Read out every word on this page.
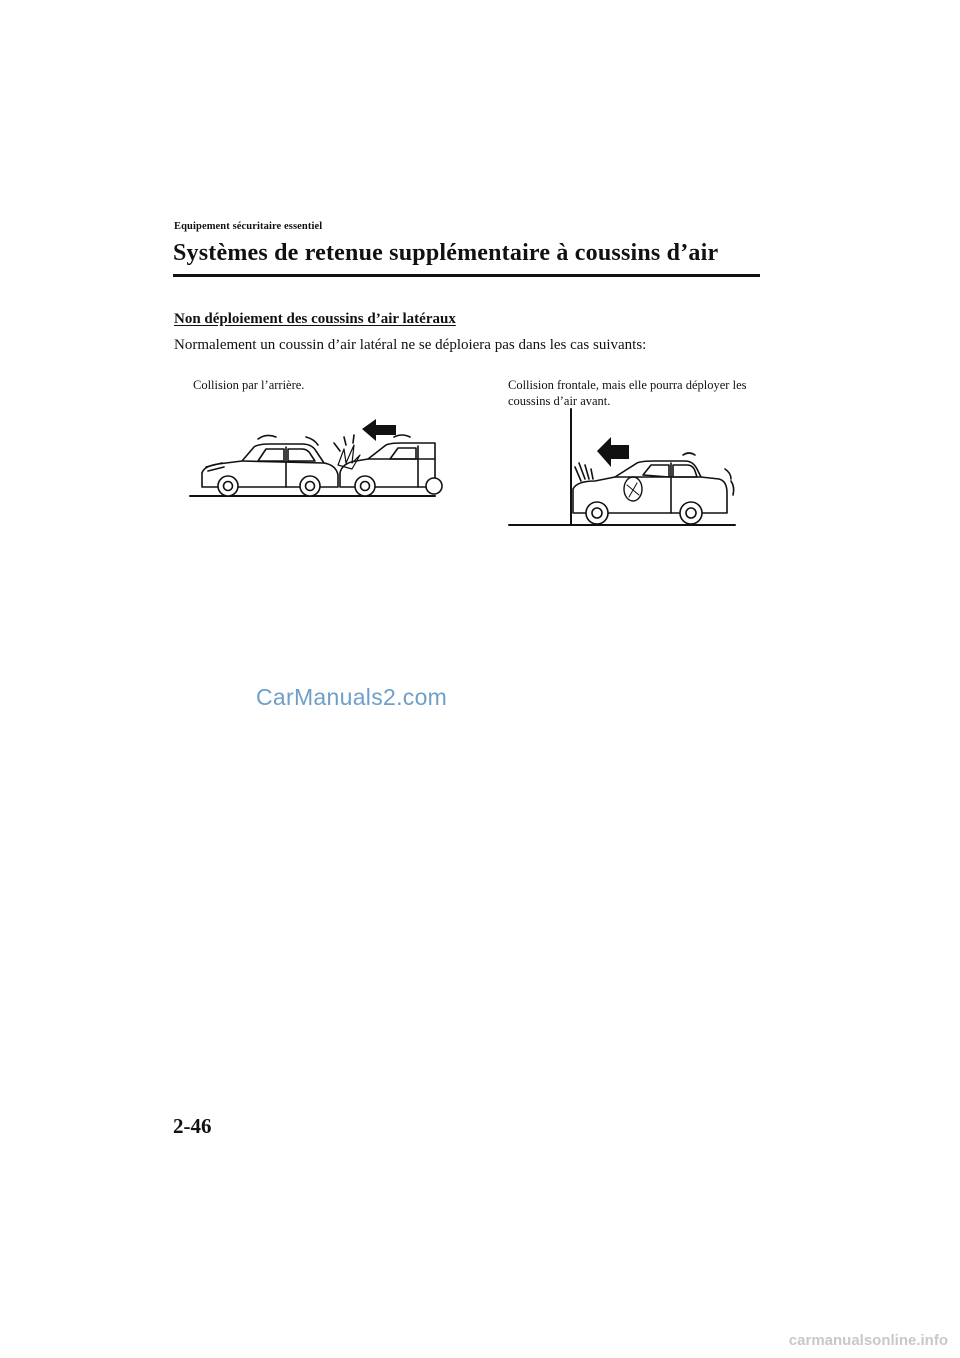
Equipement sécuritaire essentiel
Systèmes de retenue supplémentaire à coussins d’air
Non déploiement des coussins d’air latéraux
Normalement un coussin d’air latéral ne se déploiera pas dans les cas suivants:
Collision par l’arrière.	Collision frontale, mais elle pourra déployer les coussins d’air avant.
CarManuals2.com
2-46
carmanualsonline.info
